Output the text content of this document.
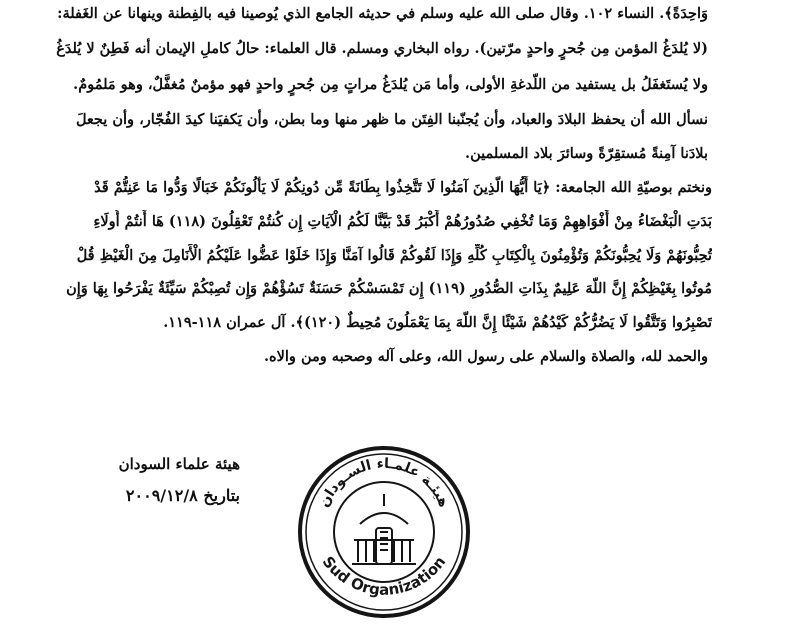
وَاحِدَةً﴾. النساء ١٠٢. وقال صلى الله عليه وسلم في حديثه الجامع الذي يُوصينا فيه بالفِطنة وينهانا عن الغَفلة:
(لا يُلدَغُ المؤمن مِن جُحرٍ واحدٍ مرّتين). رواه البخاري ومسلم. قال العلماء: حالُ كاملِ الإيمان أنه فَطِنٌ لا يُلدَغُ
ولا يُستَغفَلُ بل يستفيد من اللَّدغةِ الأولى، وأما مَن يُلدَغُ مراتٍ مِن جُحرٍ واحدٍ فهو مؤمنٌ مُغفَّلٌ، وهو مَلمُومٌ.
نسأل الله أن يحفظ البلادَ والعباد، وأن يُجنّبنا الفِتَن ما ظهر منها وما بطن، وأن يَكفيَنا كيدَ الفُجّار، وأن يجعلَ
بلادَنا آمِنةً مُستقِرّةً وسائرَ بلاد المسلمين.
ونختم بوصيّةِ الله الجامعة: ﴿يَا أَيُّهَا الَّذِينَ آمَنُوا لَا تَتَّخِذُوا بِطَانَةً مِّن دُونِكُمْ لَا يَأْلُونَكُمْ خَبَالًا وَدُّوا مَا عَنِتُّمْ قَدْ
بَدَتِ الْبَغْضَاءُ مِنْ أَفْوَاهِهِمْ وَمَا تُخْفِي صُدُورُهُمْ أَكْبَرُ قَدْ بَيَّنَّا لَكُمُ الْآيَاتِ إِن كُنتُمْ تَعْقِلُونَ (١١٨) هَا أَنتُمْ أُولَاءِ
تُحِبُّونَهُمْ وَلَا يُحِبُّونَكُمْ وَتُؤْمِنُونَ بِالْكِتَابِ كُلِّهِ وَإِذَا لَقُوكُمْ قَالُوا آمَنَّا وَإِذَا خَلَوْا عَضُّوا عَلَيْكُمُ الْأَنَامِلَ مِنَ الْغَيْظِ قُلْ
مُوتُوا بِغَيْظِكُمْ إِنَّ اللَّهَ عَلِيمٌ بِذَاتِ الصُّدُورِ (١١٩) إِن تَمْسَسْكُمْ حَسَنَةٌ تَسُؤْهُمْ وَإِن تُصِبْكُمْ سَيِّئَةٌ يَفْرَحُوا بِهَا وَإِن
تَصْبِرُوا وَتَتَّقُوا لَا يَضُرُّكُمْ كَيْدُهُمْ شَيْئًا إِنَّ اللَّهَ بِمَا يَعْمَلُونَ مُحِيطٌ (١٢٠)﴾. آل عمران ١١٨-١١٩.
والحمد لله، والصلاة والسلام على رسول الله، وعلى آله وصحبه ومن والاه.
هيئة علماء السودان
بتاريخ ٢٠٠٩/١٢/٨	هيئـة علمـاء السـودان
Sud Organization
